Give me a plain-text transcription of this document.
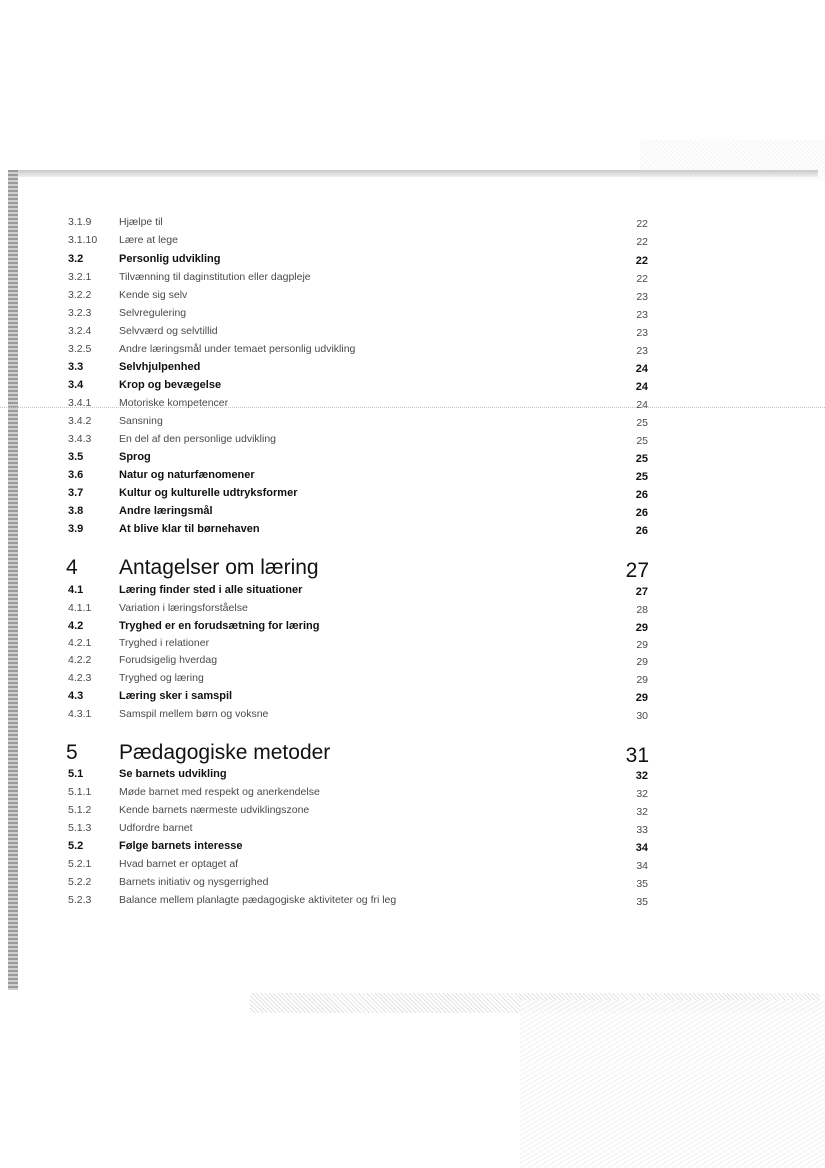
3.1.9	Hjælpe til	22
3.1.10 Lære at lege	22
3.2	Personlig udvikling	22
3.2.1	Tilvænning til daginstitution eller dagpleje	22
3.2.2	Kende sig selv	23
3.2.3	Selvregulering	23
3.2.4	Selvværd og selvtillid	23
3.2.5	Andre læringsmål under temaet personlig udvikling	23
3.3	Selvhjulpenhed	24
3.4	Krop og bevægelse	24
3.4.1	Motoriske kompetencer	24
3.4.2	Sansning	25
3.4.3	En del af den personlige udvikling	25
3.5	Sprog	25
3.6	Natur og naturfænomener	25
3.7	Kultur og kulturelle udtryksformer	26
3.8	Andre læringsmål	26
3.9	At blive klar til børnehaven	26
4 Antagelser om læring	27
4.1	Læring finder sted i alle situationer	27
4.1.1	Variation i læringsforståelse	28
4.2	Tryghed er en forudsætning for læring	29
4.2.1	Tryghed i relationer	29
4.2.2	Forudsigelig hverdag	29
4.2.3	Tryghed og læring	29
4.3	Læring sker i samspil	29
4.3.1	Samspil mellem børn og voksne	30
5 Pædagogiske metoder	31
5.1	Se barnets udvikling	32
5.1.1	Møde barnet med respekt og anerkendelse	32
5.1.2	Kende barnets nærmeste udviklingszone	32
5.1.3	Udfordre barnet	33
5.2	Følge barnets interesse	34
5.2.1	Hvad barnet er optaget af	34
5.2.2	Barnets initiativ og nysgerrighed	35
5.2.3	Balance mellem planlagte pædagogiske aktiviteter og fri leg	35
